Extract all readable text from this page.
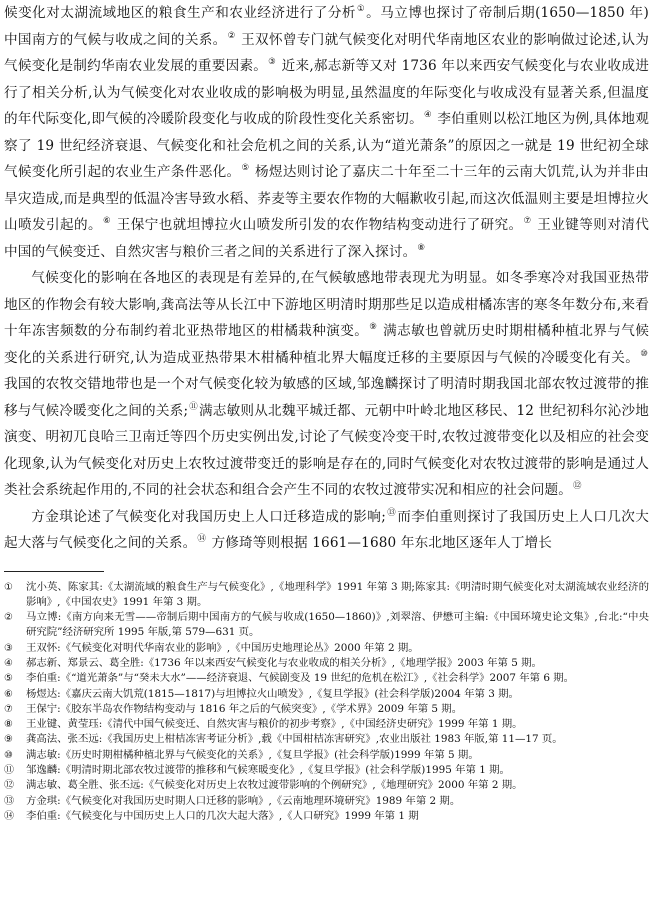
候变化对太湖流域地区的粮食生产和农业经济进行了分析①。马立博也探讨了帝制后期(1650—1850 年)中国南方的气候与收成之间的关系。② 王双怀曾专门就气候变化对明代华南地区农业的影响做过论述,认为气候变化是制约华南农业发展的重要因素。③ 近来,郝志新等又对 1736 年以来西安气候变化与农业收成进行了相关分析,认为气候变化对农业收成的影响极为明显,虽然温度的年际变化与收成没有显著关系,但温度的年代际变化,即气候的冷暖阶段变化与收成的阶段性变化关系密切。④ 李伯重则以松江地区为例,具体地观察了 19 世纪经济衰退、气候变化和社会危机之间的关系,认为“道光萧条”的原因之一就是 19 世纪初全球气候变化所引起的农业生产条件恶化。⑤ 杨煜达则讨论了嘉庆二十年至二十三年的云南大饥荒,认为并非由旱灾造成,而是典型的低温冷害导致水稻、荞麦等主要农作物的大幅歉收引起,而这次低温则主要是坦博拉火山喷发引起的。⑥ 王保宁也就坦博拉火山喷发所引发的农作物结构变动进行了研究。⑦ 王业键等则对清代中国的气候变迁、自然灾害与粮价三者之间的关系进行了深入探讨。⑧

气候变化的影响在各地区的表现是有差异的,在气候敏感地带表现尤为明显。如冬季寒冷对我国亚热带地区的作物会有较大影响,龚高法等从长江中下游地区明清时期那些足以造成柑橘冻害的寒冬年数分布,来看十年冻害频数的分布制约着北亚热带地区的柑橘栽种演变。⑨ 满志敏也曾就历史时期柑橘种植北界与气候变化的关系进行研究,认为造成亚热带果木柑橘种植北界大幅度迁移的主要原因与气候的冷暖变化有关。⑩ 我国的农牧交错地带也是一个对气候变化较为敏感的区域,邹逸麟探讨了明清时期我国北部农牧过渡带的推移与气候冷暖变化之间的关系;⑪满志敏则从北魏平城迁都、元朝中叶岭北地区移民、12 世纪初科尔沁沙地演变、明初兀良哈三卫南迁等四个历史实例出发,讨论了气候变冷变干时,农牧过渡带变化以及相应的社会变化现象,认为气候变化对历史上农牧过渡带变迁的影响是存在的,同时气候变化对农牧过渡带的影响是通过人类社会系统起作用的,不同的社会状态和组合会产生不同的农牧过渡带实况和相应的社会问题。⑫

方金琪论述了气候变化对我国历史上人口迁移造成的影响;⑬而李伯重则探讨了我国历史上人口几次大起大落与气候变化之间的关系。⑭ 方修琦等则根据 1661—1680 年东北地区逐年人丁增长

①	沈小英、陈家其:《太湖流域的粮食生产与气候变化》,《地理科学》1991 年第 3 期;陈家其:《明清时期气候变化对太湖流域农业经济的影响》,《中国农史》1991 年第 3 期。
②	马立博:《南方向来无雪——帝制后期中国南方的气候与收成(1650—1860)》,刘翠溶、伊懋可主编:《中国环境史论文集》,台北:“中央研究院”经济研究所 1995 年版,第 579—631 页。
③	王双怀:《气候变化对明代华南农业的影响》,《中国历史地理论丛》2000 年第 2 期。
④	郝志新、郑景云、葛全胜:《1736 年以来西安气候变化与农业收成的相关分析》,《地理学报》2003 年第 5 期。
⑤	李伯重:《“道光萧条”与“癸未大水”——经济衰退、气候剧变及 19 世纪的危机在松江》,《社会科学》2007 年第 6 期。
⑥	杨煜达:《嘉庆云南大饥荒(1815—1817)与坦博拉火山喷发》,《复旦学报》(社会科学版)2004 年第 3 期。
⑦	王保宁:《胶东半岛农作物结构变动与 1816 年之后的气候突变》,《学术界》2009 年第 5 期。
⑧	王业键、黄莹珏:《清代中国气候变迁、自然灾害与粮价的初步考察》,《中国经济史研究》1999 年第 1 期。
⑨	龚高法、张丕远:《我国历史上柑桔冻害考证分析》,载《中国柑桔冻害研究》,农业出版社 1983 年版,第 11—17 页。
⑩	满志敏:《历史时期柑橘种植北界与气候变化的关系》,《复旦学报》(社会科学版)1999 年第 5 期。
⑪	邹逸麟:《明清时期北部农牧过渡带的推移和气候寒暖变化》,《复旦学报》(社会科学版)1995 年第 1 期。
⑫	满志敏、葛全胜、张丕远:《气候变化对历史上农牧过渡带影响的个例研究》,《地理研究》2000 年第 2 期。
⑬	方金琪:《气候变化对我国历史时期人口迁移的影响》,《云南地理环境研究》1989 年第 2 期。
⑭	李伯重:《气候变化与中国历史上人口的几次大起大落》,《人口研究》1999 年第 1 期
